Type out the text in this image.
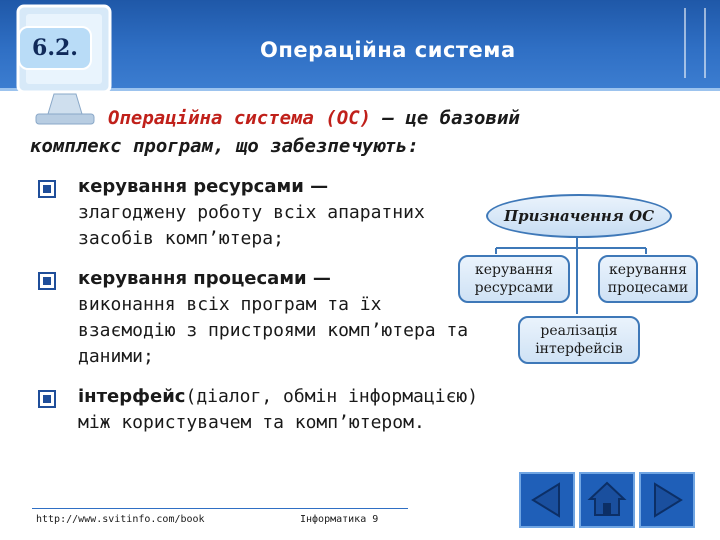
6.2.	Операційна система
Операційна система (ОС) — це базовий
комплекс програм, що забезпечують:
керування ресурсами —
злагоджену роботу всіх апаратних засобів комп’ютера;
керування процесами —
виконання всіх програм та їх взаємодію з пристроями комп’ютера та даними;
інтерфейс(діалог, обмін інформацією) між користувачем та комп’ютером.
Призначення ОС
керування
ресурсами
керування
процесами
реалізація
інтерфейсів
http://www.svitinfo.com/book	Інформатика 9
